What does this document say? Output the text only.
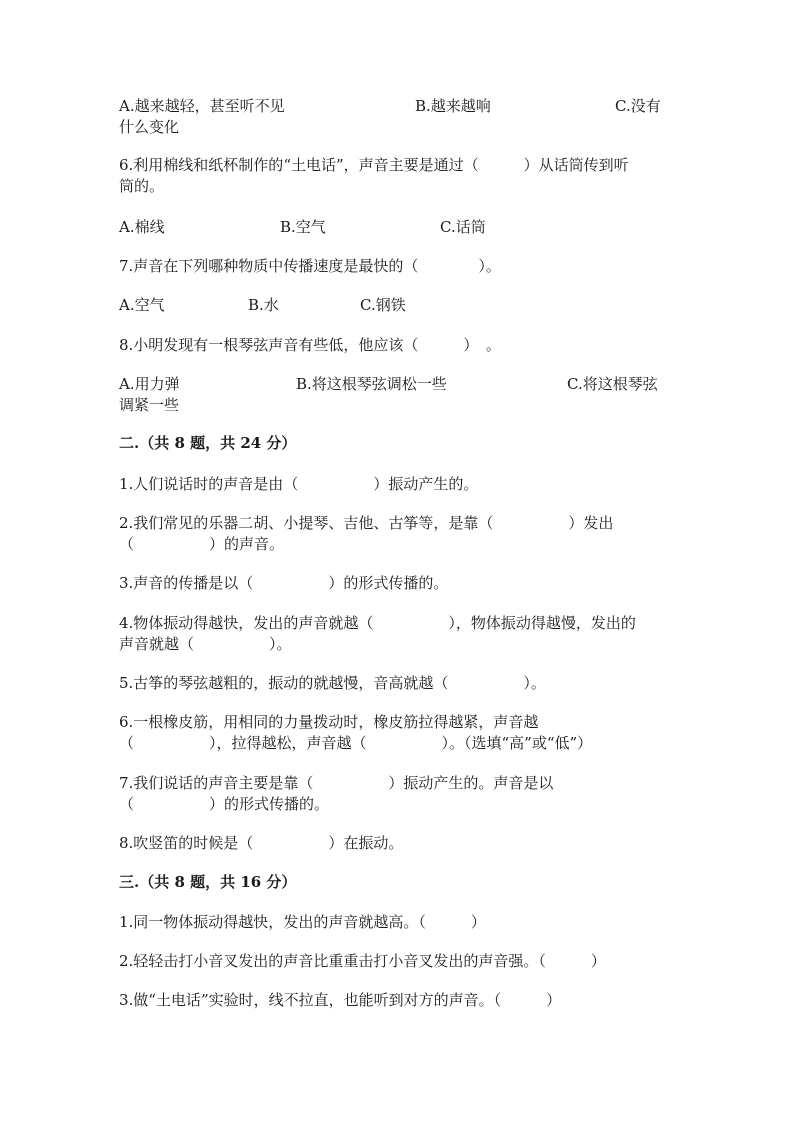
A.越来越轻，甚至听不见	B.越来越响	C.没有
什么变化
6.利用棉线和纸杯制作的“土电话”，声音主要是通过（　　　）从话筒传到听
筒的。
A.棉线	B.空气	C.话筒
7.声音在下列哪种物质中传播速度是最快的（　　　　）。
A.空气	B.水	C.钢铁
8.小明发现有一根琴弦声音有些低，他应该（　　　）　。
A.用力弹	B.将这根琴弦调松一些	C.将这根琴弦
调紧一些
二.（共 8 题，共 24 分）
1.人们说话时的声音是由（　　　　　）振动产生的。
2.我们常见的乐器二胡、小提琴、吉他、古筝等，是靠（　　　　　）发出
（　　　　　）的声音。
3.声音的传播是以（　　　　　）的形式传播的。
4.物体振动得越快，发出的声音就越（　　　　　），物体振动得越慢，发出的
声音就越（　　　　　）。
5.古筝的琴弦越粗的，振动的就越慢，音高就越（　　　　　）。
6.一根橡皮筋，用相同的力量拨动时，橡皮筋拉得越紧，声音越
（　　　　　），拉得越松，声音越（　　　　　）。（选填“高”或“低”）
7.我们说话的声音主要是靠（　　　　　）振动产生的。声音是以
（　　　　　）的形式传播的。
8.吹竖笛的时候是（　　　　　）在振动。
三.（共 8 题，共 16 分）
1.同一物体振动得越快，发出的声音就越高。（　　　）
2.轻轻击打小音叉发出的声音比重重击打小音叉发出的声音强。（　　　）
3.做“土电话”实验时，线不拉直，也能听到对方的声音。（　　　）
